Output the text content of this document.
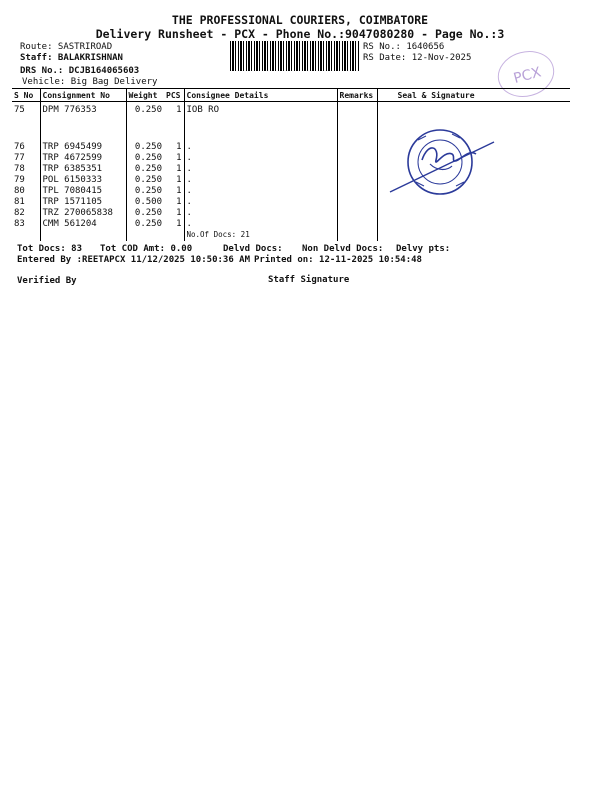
THE PROFESSIONAL COURIERS, COIMBATORE
Delivery Runsheet - PCX - Phone No.:9047080280 - Page No.:3
Route: SASTRIROAD
Staff: BALAKRISHNAN
DRS No.: DCJB164065603
Vehicle: Big Bag Delivery
RS No.: 1640656
RS Date: 12-Nov-2025
PCX
S No	Consignment No	Weight	PCS	Consignee Details	Remarks	Seal & Signature
75	DPM 776353	0.250	1	IOB RO		
76	TRP 6945499	0.250	1	.		
77	TRP 4672599	0.250	1	.		
78	TRP 6385351	0.250	1	.		
79	POL 6150333	0.250	1	.		
80	TPL 7080415	0.250	1	.		
81	TRP 1571105	0.500	1	.		
82	TRZ 270065838	0.250	1	.		
83	CMM 561204	0.250	1	.		
				No.Of Docs: 21		
Tot Docs: 83 Tot COD Amt: 0.00	Delvd Docs: Non Delvd Docs: Delvy pts:
Entered By :REETAPCX 11/12/2025 10:50:36 AM Printed on: 12-11-2025 10:54:48
Verified By	Staff Signature
